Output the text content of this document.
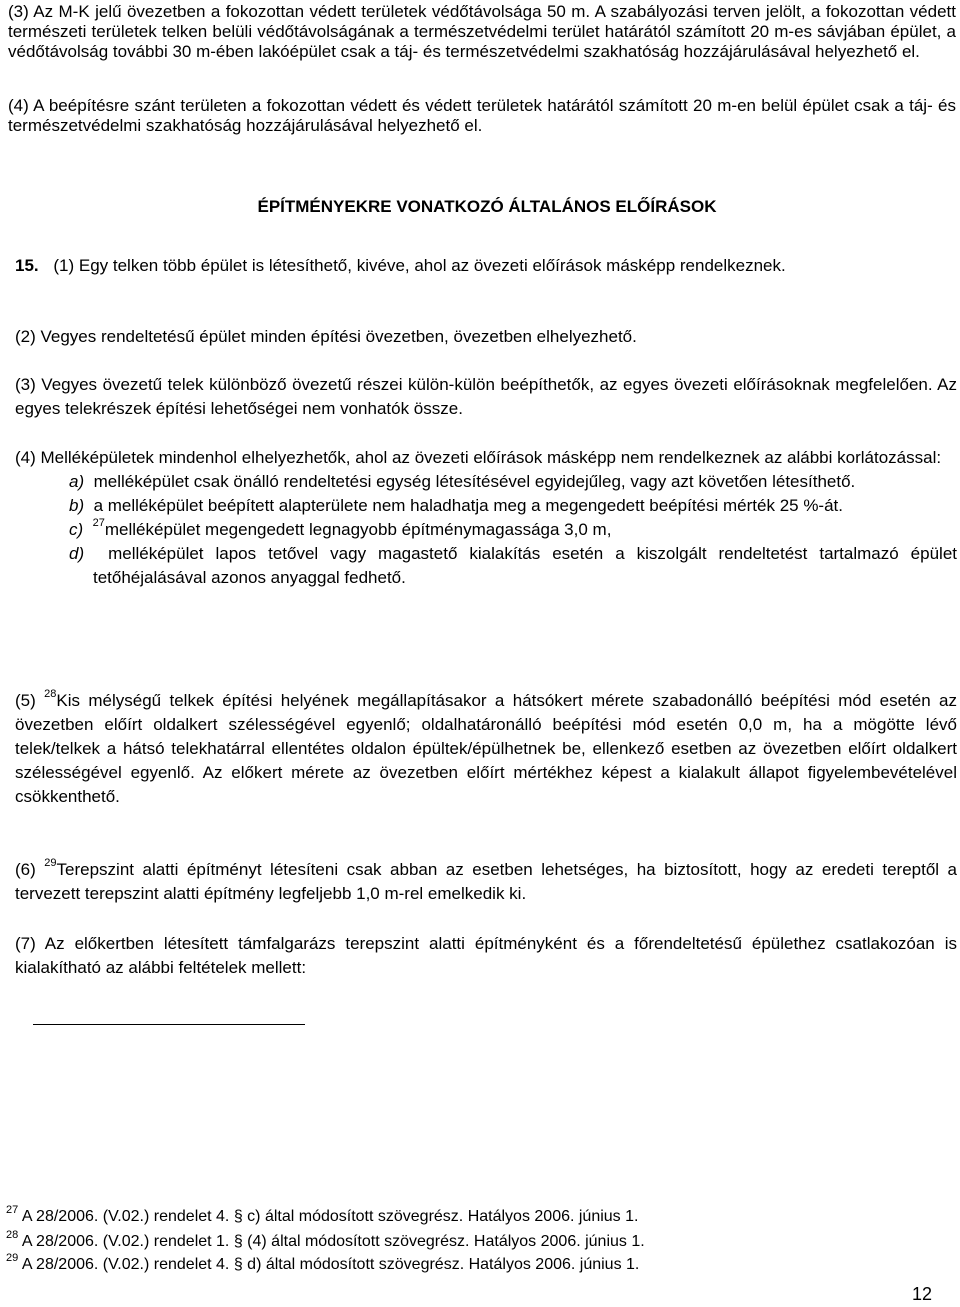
(3) Az M-K jelű övezetben a fokozottan védett területek védőtávolsága 50 m. A szabályozási terven jelölt, a fokozottan védett természeti területek telken belüli védőtávolságának a természetvédelmi terület határától számított 20 m-es sávjában épület, a védőtávolság további 30 m-ében lakóépület csak a táj- és természetvédelmi szakhatóság hozzájárulásával helyezhető el.
(4) A beépítésre szánt területen a fokozottan védett és védett területek határától számított 20 m-en belül épület csak a táj- és természetvédelmi szakhatóság hozzájárulásával helyezhető el.
ÉPÍTMÉNYEKRE VONATKOZÓ ÁLTALÁNOS ELŐÍRÁSOK
15. (1) Egy telken több épület is létesíthető, kivéve, ahol az övezeti előírások másképp rendelkeznek.
(2) Vegyes rendeltetésű épület minden építési övezetben, övezetben elhelyezhető.
(3) Vegyes övezetű telek különböző övezetű részei külön-külön beépíthetők, az egyes övezeti előírásoknak megfelelően. Az egyes telekrészek építési lehetőségei nem vonhatók össze.
(4) Melléképületek mindenhol elhelyezhetők, ahol az övezeti előírások másképp nem rendelkeznek az alábbi korlátozással:
a) melléképület csak önálló rendeltetési egység létesítésével egyidejűleg, vagy azt követően létesíthető.
b) a melléképület beépített alapterülete nem haladhatja meg a megengedett beépítési mérték 25 %-át.
c) $^{27}$melléképület megengedett legnagyobb építménymagassága 3,0 m,
d) melléképület lapos tetővel vagy magastető kialakítás esetén a kiszolgált rendeltetést tartalmazó épület tetőhéjalásával azonos anyaggal fedhető.
(5) $^{28}$Kis mélységű telkek építési helyének megállapításakor a hátsókert mérete szabadonálló beépítési mód esetén az övezetben előírt oldalkert szélességével egyenlő; oldalhatáronálló beépítési mód esetén 0,0 m, ha a mögötte lévő telek/telkek a hátsó telekhatárral ellentétes oldalon épültek/épülhetnek be, ellenkező esetben az övezetben előírt oldalkert szélességével egyenlő. Az előkert mérete az övezetben előírt mértékhez képest a kialakult állapot figyelembevételével csökkenthető.
(6) $^{29}$Terepszint alatti építményt létesíteni csak abban az esetben lehetséges, ha biztosított, hogy az eredeti tereptől a tervezett terepszint alatti építmény legfeljebb 1,0 m-rel emelkedik ki.
(7) Az előkertben létesített támfalgarázs terepszint alatti építményként és a főrendeltetésű épülethez csatlakozóan is kialakítható az alábbi feltételek mellett:
$^{27}$ A 28/2006. (V.02.) rendelet 4. § c) által módosított szövegrész. Hatályos 2006. június 1.
$^{28}$ A 28/2006. (V.02.) rendelet 1. § (4) által módosított szövegrész. Hatályos 2006. június 1.
$^{29}$ A 28/2006. (V.02.) rendelet 4. § d) által módosított szövegrész. Hatályos 2006. június 1.
12
